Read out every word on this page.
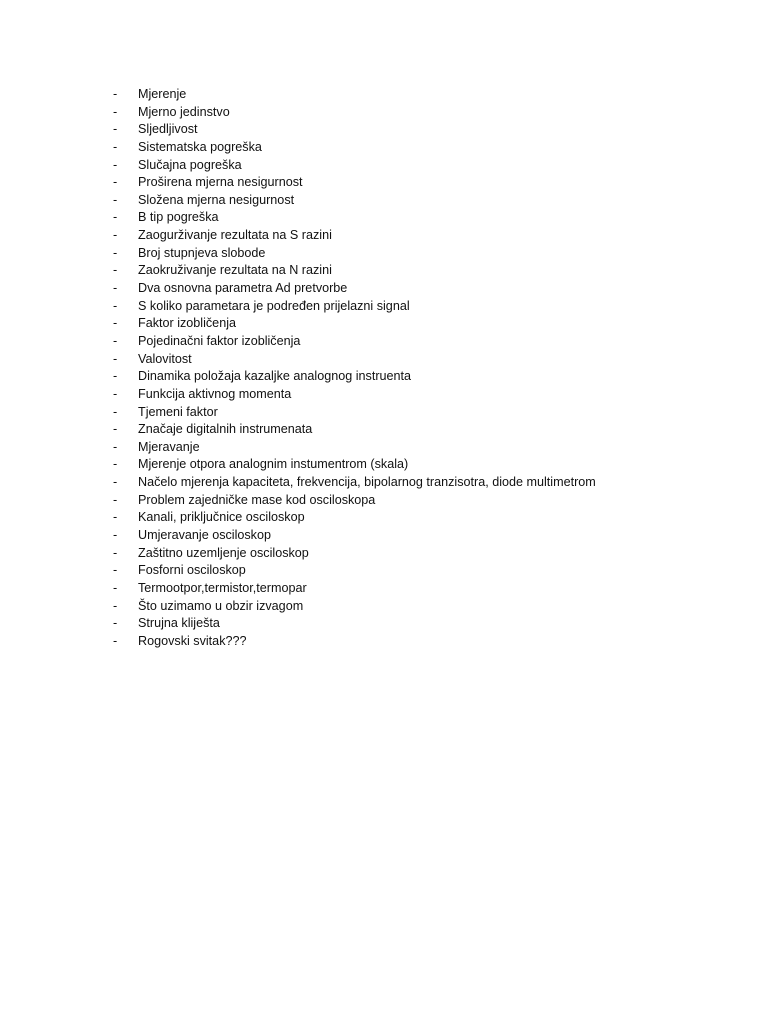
-	Mjerenje
-	Mjerno jedinstvo
-	Sljedljivost
-	Sistematska pogreška
-	Slučajna pogreška
-	Proširena mjerna nesigurnost
-	Složena mjerna nesigurnost
-	B tip pogreška
-	Zaogurživanje rezultata na S razini
-	Broj stupnjeva slobode
-	Zaokruživanje rezultata na N razini
-	Dva osnovna parametra Ad pretvorbe
-	S koliko parametara je podređen prijelazni signal
-	Faktor izobličenja
-	Pojedinačni faktor izobličenja
-	Valovitost
-	Dinamika položaja kazaljke analognog instruenta
-	Funkcija aktivnog momenta
-	Tjemeni faktor
-	Značaje digitalnih instrumenata
-	Mjeravanje
-	Mjerenje otpora analognim instumentrom (skala)
-	Načelo mjerenja kapaciteta, frekvencija, bipolarnog tranzisotra, diode multimetrom
-	Problem zajedničke mase kod osciloskopa
-	Kanali, priključnice osciloskop
-	Umjeravanje osciloskop
-	Zaštitno uzemljenje osciloskop
-	Fosforni osciloskop
-	Termootpor,termistor,termopar
-	Što uzimamo u obzir izvagom
-	Strujna kliješta
-	Rogovski svitak???
